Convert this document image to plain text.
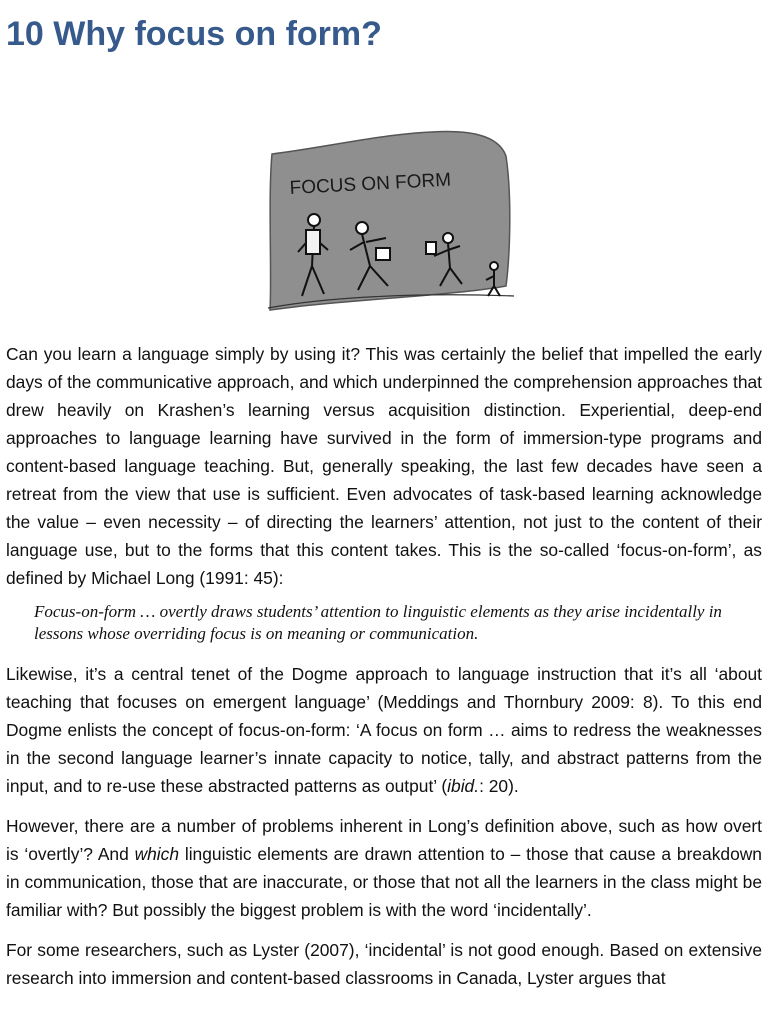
10 Why focus on form?
FOCUS ON FORM

Can you learn a language simply by using it? This was certainly the belief that impelled the early days of the communicative approach, and which underpinned the comprehension approaches that drew heavily on Krashen’s learning versus acquisition distinction. Experiential, deep-end approaches to language learning have survived in the form of immersion-type programs and content-based language teaching. But, generally speaking, the last few decades have seen a retreat from the view that use is sufficient. Even advocates of task-based learning acknowledge the value – even necessity – of directing the learners’ attention, not just to the content of their language use, but to the forms that this content takes. This is the so-called ‘focus-on-form’, as defined by Michael Long (1991: 45):

Focus-on-form … overtly draws students’ attention to linguistic elements as they arise incidentally in lessons whose overriding focus is on meaning or communication.

Likewise, it’s a central tenet of the Dogme approach to language instruction that it’s all ‘about teaching that focuses on emergent language’ (Meddings and Thornbury 2009: 8). To this end Dogme enlists the concept of focus-on-form: ‘A focus on form … aims to redress the weaknesses in the second language learner’s innate capacity to notice, tally, and abstract patterns from the input, and to re-use these abstracted patterns as output’ (ibid.: 20).

However, there are a number of problems inherent in Long’s definition above, such as how overt is ‘overtly’? And which linguistic elements are drawn attention to – those that cause a breakdown in communication, those that are inaccurate, or those that not all the learners in the class might be familiar with? But possibly the biggest problem is with the word ‘incidentally’.

For some researchers, such as Lyster (2007), ‘incidental’ is not good enough. Based on extensive research into immersion and content-based classrooms in Canada, Lyster argues that
